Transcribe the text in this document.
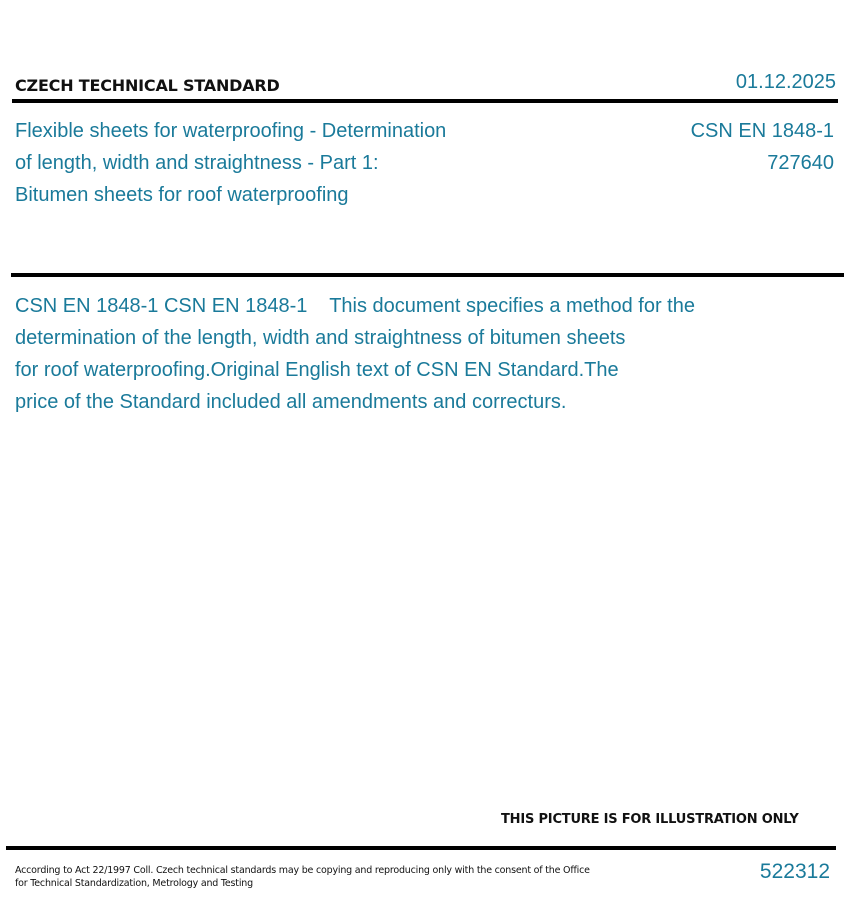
CZECH TECHNICAL STANDARD	01.12.2025
Flexible sheets for waterproofing - Determination
of length, width and straightness - Part 1:
Bitumen sheets for roof waterproofing
CSN EN 1848-1
727640
CSN EN 1848-1 CSN EN 1848-1    This document specifies a method for the
determination of the length, width and straightness of bitumen sheets
for roof waterproofing.Original English text of CSN EN Standard.The
price of the Standard included all amendments and correcturs.
THIS PICTURE IS FOR ILLUSTRATION ONLY
According to Act 22/1997 Coll. Czech technical standards may be copying and reproducing only with the consent of the Office
for Technical Standardization, Metrology and Testing
522312
